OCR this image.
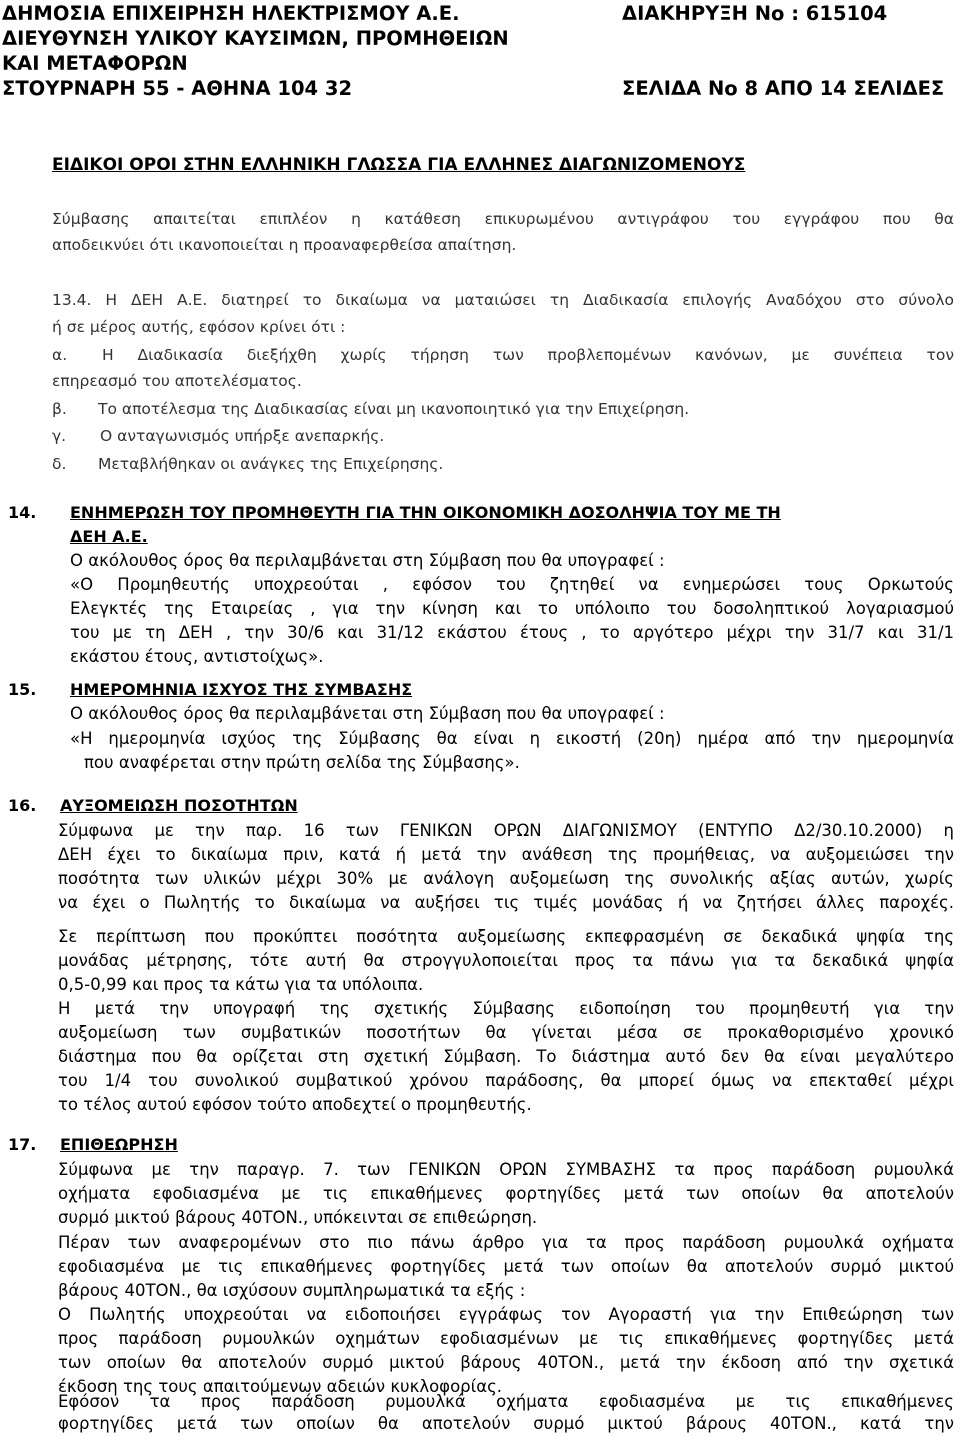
ΔΗΜΟΣΙΑ ΕΠΙΧΕΙΡΗΣΗ ΗΛΕΚΤΡΙΣΜΟΥ Α.Ε.
ΔΙΕΥΘΥΝΣΗ ΥΛΙΚΟΥ ΚΑΥΣΙΜΩΝ, ΠΡΟΜΗΘΕΙΩΝ
ΚΑΙ ΜΕΤΑΦΟΡΩΝ
ΣΤΟΥΡΝΑΡΗ 55 - ΑΘΗΝΑ 104 32
ΔΙΑΚΗΡΥΞΗ Νο : 615104
ΣΕΛΙΔΑ Νο 8 ΑΠΟ 14 ΣΕΛΙΔΕΣ
ΕΙΔΙΚΟΙ ΟΡΟΙ ΣΤΗΝ ΕΛΛΗΝΙΚΗ ΓΛΩΣΣΑ ΓΙΑ ΕΛΛΗΝΕΣ ΔΙΑΓΩΝΙΖΟΜΕΝΟΥΣ
Σύμβασης απαιτείται επιπλέον η κατάθεση επικυρωμένου αντιγράφου του εγγράφου που θα
αποδεικνύει ότι ικανοποιείται η προαναφερθείσα απαίτηση.
13.4. Η ΔΕΗ Α.Ε. διατηρεί το δικαίωμα να ματαιώσει τη Διαδικασία επιλογής Αναδόχου στο σύνολο
ή σε μέρος αυτής, εφόσον κρίνει ότι :
α. Η Διαδικασία διεξήχθη χωρίς τήρηση των προβλεπομένων κανόνων, με συνέπεια τον
επηρεασμό του αποτελέσματος.
β. Το αποτέλεσμα της Διαδικασίας είναι μη ικανοποιητικό για την Επιχείρηση.
γ. Ο ανταγωνισμός υπήρξε ανεπαρκής.
δ. Μεταβλήθηκαν οι ανάγκες της Επιχείρησης.
14. ΕΝΗΜΕΡΩΣΗ ΤΟΥ ΠΡΟΜΗΘΕΥΤΗ ΓΙΑ ΤΗΝ ΟΙΚΟΝΟΜΙΚΗ ΔΟΣΟΛΗΨΙΑ ΤΟΥ ΜΕ ΤΗ
ΔΕΗ Α.Ε.
Ο ακόλουθος όρος θα περιλαμβάνεται στη Σύμβαση που θα υπογραφεί :
«Ο Προμηθευτής υποχρεούται , εφόσον του ζητηθεί να ενημερώσει τους Ορκωτούς
Ελεγκτές της Εταιρείας , για την κίνηση και το υπόλοιπο του δοσοληπτικού λογαριασμού
του με τη ΔΕΗ , την 30/6 και 31/12 εκάστου έτους , το αργότερο μέχρι την 31/7 και 31/1
εκάστου έτους, αντιστοίχως».
15. ΗΜΕΡΟΜΗΝΙΑ ΙΣΧΥΟΣ ΤΗΣ ΣΥΜΒΑΣΗΣ
Ο ακόλουθος όρος θα περιλαμβάνεται στη Σύμβαση που θα υπογραφεί :
«Η ημερομηνία ισχύος της Σύμβασης θα είναι η εικοστή (20η) ημέρα από την ημερομηνία
που αναφέρεται στην πρώτη σελίδα της Σύμβασης».
16. ΑΥΞΟΜΕΙΩΣΗ ΠΟΣΟΤΗΤΩΝ
Σύμφωνα με την παρ. 16 των ΓΕΝΙΚΩΝ ΟΡΩΝ ΔΙΑΓΩΝΙΣΜΟΥ (ΕΝΤΥΠΟ Δ2/30.10.2000) η
ΔΕΗ έχει το δικαίωμα πριν, κατά ή μετά την ανάθεση της προμήθειας, να αυξομειώσει την
ποσότητα των υλικών μέχρι 30% με ανάλογη αυξομείωση της συνολικής αξίας αυτών, χωρίς
να έχει ο Πωλητής το δικαίωμα να αυξήσει τις τιμές μονάδας ή να ζητήσει άλλες παροχές.
Σε περίπτωση που προκύπτει ποσότητα αυξομείωσης εκπεφρασμένη σε δεκαδικά ψηφία της
μονάδας μέτρησης, τότε αυτή θα στρογγυλοποιείται προς τα πάνω για τα δεκαδικά ψηφία
0,5-0,99 και προς τα κάτω για τα υπόλοιπα.
Η μετά την υπογραφή της σχετικής Σύμβασης ειδοποίηση του προμηθευτή για την
αυξομείωση των συμβατικών ποσοτήτων θα γίνεται μέσα σε προκαθορισμένο χρονικό
διάστημα που θα ορίζεται στη σχετική Σύμβαση. Το διάστημα αυτό δεν θα είναι μεγαλύτερο
του 1/4 του συνολικού συμβατικού χρόνου παράδοσης, θα μπορεί όμως να επεκταθεί μέχρι
το τέλος αυτού εφόσον τούτο αποδεχτεί ο προμηθευτής.
17. ΕΠΙΘΕΩΡΗΣΗ
Σύμφωνα με την παραγρ. 7. των ΓΕΝΙΚΩΝ ΟΡΩΝ ΣΥΜΒΑΣΗΣ τα προς παράδοση ρυμουλκά
οχήματα εφοδιασμένα με τις επικαθήμενες φορτηγίδες μετά των οποίων θα αποτελούν
συρμό μικτού βάρους 40ΤΟΝ., υπόκεινται σε επιθεώρηση.
Πέραν των αναφερομένων στο πιο πάνω άρθρο για τα προς παράδοση ρυμουλκά οχήματα
εφοδιασμένα με τις επικαθήμενες φορτηγίδες μετά των οποίων θα αποτελούν συρμό μικτού
βάρους 40ΤΟΝ., θα ισχύσουν συμπληρωματικά τα εξής :
Ο Πωλητής υποχρεούται να ειδοποιήσει εγγράφως τον Αγοραστή για την Επιθεώρηση των
προς παράδοση ρυμουλκών οχημάτων εφοδιασμένων με τις επικαθήμενες φορτηγίδες μετά
των οποίων θα αποτελούν συρμό μικτού βάρους 40ΤΟΝ., μετά την έκδοση από την σχετικά
έκδοση της τους απαιτούμενων αδειών κυκλοφορίας.
Εφόσον τα προς παράδοση ρυμουλκά οχήματα εφοδιασμένα με τις επικαθήμενες
φορτηγίδες μετά των οποίων θα αποτελούν συρμό μικτού βάρους 40ΤΟΝ., κατά την
